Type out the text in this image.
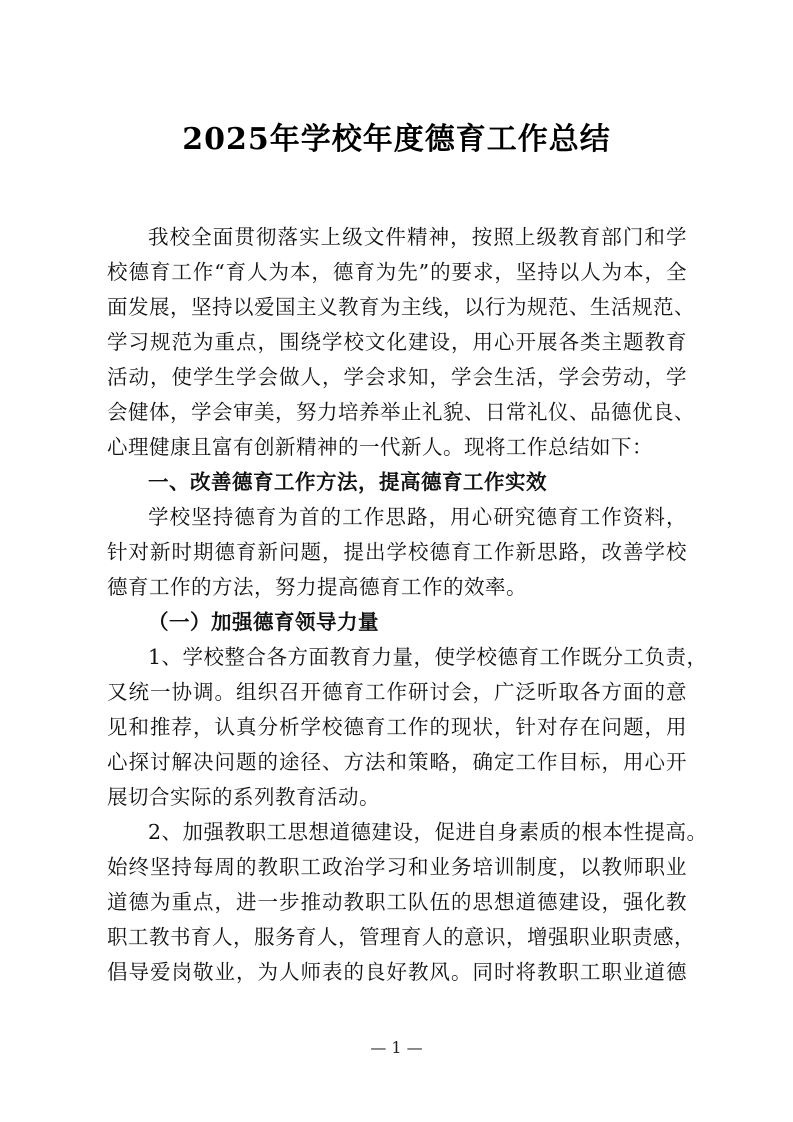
2025年学校年度德育工作总结
我校全面贯彻落实上级文件精神，按照上级教育部门和学
校德育工作“育人为本，德育为先”的要求，坚持以人为本，全
面发展，坚持以爱国主义教育为主线，以行为规范、生活规范、
学习规范为重点，围绕学校文化建设，用心开展各类主题教育
活动，使学生学会做人，学会求知，学会生活，学会劳动，学
会健体，学会审美，努力培养举止礼貌、日常礼仪、品德优良、
心理健康且富有创新精神的一代新人。现将工作总结如下：
一、改善德育工作方法，提高德育工作实效
学校坚持德育为首的工作思路，用心研究德育工作资料，
针对新时期德育新问题，提出学校德育工作新思路，改善学校
德育工作的方法，努力提高德育工作的效率。
（一）加强德育领导力量
1、学校整合各方面教育力量，使学校德育工作既分工负责，
又统一协调。组织召开德育工作研讨会，广泛听取各方面的意
见和推荐，认真分析学校德育工作的现状，针对存在问题，用
心探讨解决问题的途径、方法和策略，确定工作目标，用心开
展切合实际的系列教育活动。
2、加强教职工思想道德建设，促进自身素质的根本性提高。
始终坚持每周的教职工政治学习和业务培训制度，以教师职业
道德为重点，进一步推动教职工队伍的思想道德建设，强化教
职工教书育人，服务育人，管理育人的意识，增强职业职责感，
倡导爱岗敬业，为人师表的良好教风。同时将教职工职业道德
— 1 —
